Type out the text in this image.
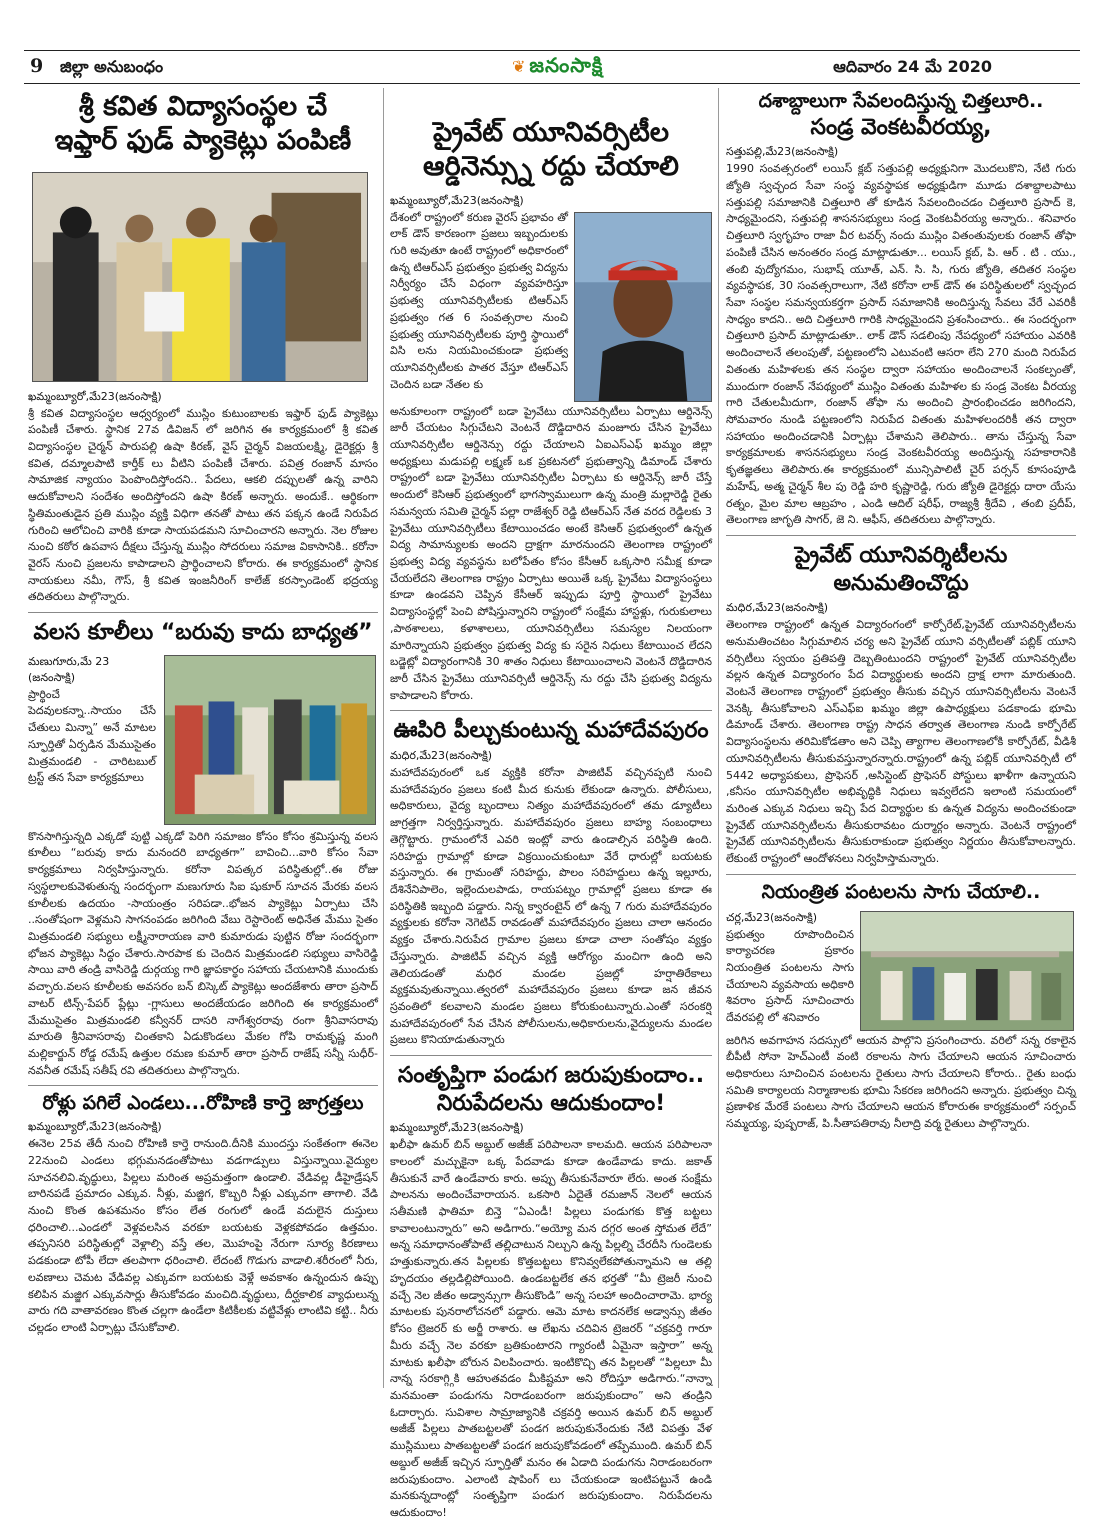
9 జిల్లా అనుబంధం	❦ జనంసాక్షి	ఆదివారం 24 మే 2020
శ్రీ కవిత విద్యాసంస్థల చే
ఇఫ్తార్ ఫుడ్ ప్యాకెట్లు పంపిణీ
ఖమ్మంబ్యూరో,మే23(జనంసాక్షి)

శ్రీ కవిత విద్యాసంస్థల ఆధ్వర్యంలో ముస్లిం కుటుంబాలకు ఇఫ్తార్ ఫుడ్ ప్యాకెట్లు పంపిణీ చేశారు. స్థానిక 27వ డివిజన్ లో జరిగిన ఈ కార్యక్రమంలో శ్రీ కవిత విద్యాసంస్థల చైర్మన్ పారుపల్లి ఉషా కిరణ్, వైస్ చైర్మన్ విజయలక్ష్మి, డైరెక్టర్లు శ్రీ కవిత, దమ్మాలపాటి కార్తీక్ లు వీటిని పంపిణీ చేశారు. పవిత్ర రంజాన్ మాసం సామాజిక న్యాయం పెంపొందిస్తోందని.. పేదలు, ఆకలి దప్పులతో ఉన్న వారిని ఆదుకోవాలని సందేశం అందిస్తోందని ఉషా కిరణ్ అన్నారు. అందుకే.. ఆర్థికంగా స్థితిమంతుడైన ప్రతి ముస్లిం వ్యక్తి విధిగా తనతో పాటు తన పక్కన ఉండే నిరుపేద గురించి ఆలోచించి వారికి కూడా సాయపడమని సూచించారని అన్నారు. నెల రోజుల నుంచి కఠోర ఉపవాస దీక్షలు చేస్తున్న ముస్లిం సోదరులు సమాజ వికాసానికి.. కరోనా వైరస్ నుంచి ప్రజలను కాపాడాలని ప్రార్థించాలని కోరారు. ఈ కార్యక్రమంలో స్థానిక నాయకులు నమీ, గౌస్, శ్రీ కవిత ఇంజనీరింగ్ కాలేజ్ కరస్పాండెంట్ భద్రయ్య తదితరులు పాల్గొన్నారు.

వలస కూలీలు “బరువు కాదు బాధ్యత”
మణుగూరు,మే 23 (జనంసాక్షి)

ప్రార్థించే పెదవులకన్నా..సాయం చేసే చేతులు మిన్నా” అనే మాటల స్ఫూర్తితో ఏర్పడిన మేముసైతం మిత్రమండలి - చారిటబుల్ ట్రస్ట్ తన సేవా కార్యక్రమాలు

కొనసాగిస్తున్నది ఎక్కడో పుట్టి ఎక్కడో పెరిగి సమాజం కోసం కోసం శ్రమిస్తున్న వలస కూలీలు “బరువు కాదు మనందరి బాధ్యతగా” బావించి...వారి కోసం సేవా కార్యక్రమాలు నిర్వహిస్తున్నారు. కరోనా విపత్కర పరిస్థితుల్లో..ఈ రోజు స్వస్థలాలకువెళుతున్న సందర్భంగా మణుగూరు సిఐ షుకూర్ సూచన మేరకు వలస కూలీలకు ఉదయం -సాయంత్రం సరిపడా..భోజన ప్యాకెట్లు ఏర్పాటు చేసి ..సంతోషంగా వెళ్లమని సాగనంపడం జరిగింది వేబు రెస్టారెంట్ అధినేత మేము సైతం మిత్రమండలి సభ్యులు లక్ష్మీనారాయణ వారి కుమారుడు పుట్టిన రోజు సందర్భంగా భోజన ప్యాకెట్లు సిద్ధం చేశారు.సారపాక కు చెందిన మిత్రమండలి సభ్యులు వాసిరెడ్డి సాయి వారి తండ్రి వాసిరెడ్డి దుర్గయ్య గారి జ్ఞాపకార్థం సహాయ చేయటానికి ముందుకు వచ్చారు.వలస కూలీలకు అవసరం బన్ బిస్కెట్ ప్యాకెట్లు అందజేశారు తారా ప్రసాద్ వాటర్ టిన్స్-పేపర్ ప్లేట్లు -గ్లాసులు అందజేయడం జరిగింది ఈ కార్యక్రమంలో మేముసైతం మిత్రమండలి కన్వీనర్ దాసరి నాగేశ్వరరావు రంగా శ్రీనివాసరావు మారుతి శ్రీనివాసరావు చింతకాని ఏడుకొండలు మేకల గోపి రామకృష్ణ మంగి మల్లికార్జున్ రోడ్డ రమేష్ ఉత్తుల రమణ కుమార్ తారా ప్రసాద్ రాజేష్ సన్నీ సుధీర్-నవనీత రమేష్ సతీష్ రవి తదితరులు పాల్గొన్నారు.

రోళ్లు పగిలే ఎండలు...రోహిణి కార్తె జాగ్రత్తలు
ఖమ్మంబ్యూరో,మే23(జనంసాక్షి)

ఈనెల 25వ తేదీ నుంచి రోహిణి కార్తె రానుంది.దీనికి ముందస్తు సంకేతంగా ఈనెల 22నుంచి ఎండలు భగ్గుమనడంతోపాటు వడగాడ్పులు విస్తున్నాయి.వైద్యుల సూచనలివి.వృద్ధులు, పిల్లలు మరింత అప్రమత్తంగా ఉండాలి. వేడివల్ల డీహైడ్రేషన్ బారినపడే ప్రమాదం ఎక్కువ. నీళ్లు, మజ్జిగ, కొబ్బరి నీళ్లు ఎక్కువగా తాగాలి. వేడి నుంచి కొంత ఉపశమనం కోసం లేత రంగులో ఉండే వదులైన దుస్తులు ధరించాలి...ఎండలో వెళ్లవలసిన వరకూ బయటకు వెళ్లకపోవడం ఉత్తమం. తప్పనిసరి పరిస్థితుల్లో వెళ్లాల్సి వస్తే తల, మొహంపై నేరుగా సూర్య కిరణాలు పడకుండా టోపీ లేదా తలపాగా ధరించాలి. లేదంటే గొడుగు వాడాలి.శరీరంలో నీరు, లవణాలు చెమట వేడివల్ల ఎక్కువగా బయటకు వెళ్లే అవకాశం ఉన్నందున ఉప్పు కలిపిన మజ్జిగ ఎక్కువసార్లు తీసుకోవడం మంచిది.వృద్ధులు, దీర్ఘకాలిక వ్యాధులున్న వారు గది వాతావరణం కొంత చల్లగా ఉండేలా కిటికీలకు వట్టివేళ్లు లాంటివి కట్టి.. నీరు చల్లడం లాంటి ఏర్పాట్లు చేసుకోవాలి.

ప్రైవేట్ యూనివర్సిటీల
ఆర్డినెన్స్ను రద్దు చేయాలి
ఖమ్మంబ్యూరో,మే23(జనంసాక్షి)

దేశంలో రాష్ట్రంలో కరుణ వైరస్ ప్రభావం తో లాక్ డౌన్ కారణంగా ప్రజలు ఇబ్బందులకు గురి అవుతూ ఉంటే రాష్ట్రంలో అధికారంలో ఉన్న టిఆర్ఎస్ ప్రభుత్వం ప్రభుత్వ విద్యను నిర్వీర్యం చేసే విధంగా వ్యవహరిస్తూ ప్రభుత్వ యూనివర్సిటీలకు టిఆర్ఎస్ ప్రభుత్వం గత 6 సంవత్సరాల నుంచి ప్రభుత్వ యూనివర్సిటీలకు పూర్తి స్థాయిలో విసి లను నియమించకుండా ప్రభుత్వ యూనివర్సిటీలకు పాతర వేస్తూ టిఆర్ఎస్ చెందిన బడా నేతల కు

అనుకూలంగా రాష్ట్రంలో బడా ప్రైవేటు యూనివర్సిటీలు ఏర్పాటు ఆర్డినెన్స్ జారీ చేయటం సిగ్గుచేటని వెంటనే దొడ్డిదారిన మంజూరు చేసిన ప్రైవేటు యూనివర్సిటీల ఆర్డినెన్సు రద్దు చేయాలని ఏఐఎస్ఎఫ్ ఖమ్మం జిల్లా అధ్యక్షులు మడుపల్లి లక్ష్మణ్ ఒక ప్రకటనలో ప్రభుత్వాన్ని డిమాండ్ చేశారు రాష్ట్రంలో బడా ప్రైవేటు యూనివర్సిటీల ఏర్పాటు కు ఆర్డినెన్స్ జారీ చేస్తే అందులో కెసిఆర్ ప్రభుత్వంలో భాగస్వాములుగా ఉన్న మంత్రి మల్లారెడ్డి రైతు సమన్వయ సమితి చైర్మన్ పల్లా రాజేశ్వర్ రెడ్డి టిఆర్ఎస్ నేత వరద రెడ్డిలకు 3 ప్రైవేటు యూనివర్సిటీలు కేటాయించడం అంటే కెసిఆర్ ప్రభుత్వంలో ఉన్నత విద్య సామాన్యులకు అందని ద్రాక్షగా మారనుందని తెలంగాణ రాష్ట్రంలో ప్రభుత్వ విద్య వ్యవస్థను బలోపేతం కోసం కేసీఆర్ ఒక్కసారి సమీక్ష కూడా చేయలేదని తెలంగాణ రాష్ట్రం ఏర్పాటు అయితే ఒక్క ప్రైవేటు విద్యాసంస్థలు కూడా ఉండవని చెప్పిన కేసీఆర్ ఇప్పుడు పూర్తి స్థాయిలో ప్రైవేటు విద్యాసంస్థల్లో పెంచి పోషిస్తున్నారని రాష్ట్రంలో సంక్షేమ హాస్టళ్లు, గురుకులాలు ,పాఠశాలలు, కళాశాలలు, యూనివర్సిటీలు సమస్యల నిలయంగా మారిన్నాయని ప్రభుత్వం ప్రభుత్వ విద్య కు సరైన నిధులు కేటాయించ లేదని బడ్జెట్లో విద్యారంగానికి 30 శాతం నిధులు కేటాయించాలని వెంటనే దొడ్డిదారిన జారీ చేసిన ప్రైవేటు యూనివర్సిటీ ఆర్డినెన్స్ ను రద్దు చేసి ప్రభుత్వ విద్యను కాపాడాలని కోరారు.

ఊపిరి పీల్చుకుంటున్న మహాదేవపురం
మధిర,మే23(జనంసాక్షి)

మహాదేవపురంలో ఒక వ్యక్తికి కరోనా పాజిటివ్ వచ్చినప్పటి నుంచి మహాదేవపురం ప్రజలు కంటి మీద కునుకు లేకుండా ఉన్నారు. పోలీసులు, అధికారులు, వైద్య బృందాలు నిత్యం మహాదేవపురంలో తమ డ్యూటీలు జాగ్రత్తగా నిర్వర్తిస్తున్నారు. మహాదేవపురం ప్రజలు బాహ్య సంబంధాలు తెగ్గొట్టారు. గ్రామంలోనే ఎవరి ఇంట్లో వారు ఉండాల్సిన పరిస్థితి ఉంది. సరిహద్దు గ్రామాల్లో కూడా విక్రయించుకుంటూ వేరే ధారుల్లో బయటకు వస్తున్నారు. ఈ గ్రామంతో సరిహద్దు, పొలం సరిహద్దులు ఉన్న ఇల్లూరు, దేశినేనిపాలెం, ఇల్లెందులపాడు, రాయపట్నం గ్రామాల్లో ప్రజలు కూడా ఈ పరిస్థితికి ఇబ్బంది పడ్డారు. నిన్న క్వారంటైన్ లో ఉన్న 7 గురు మహాదేవపురం వ్యక్తులకు కరోనా నెగెటివ్ రావడంతో మహాదేవపురం ప్రజలు చాలా ఆనందం వ్యక్తం చేశారు.నిరుపేద గ్రామాల ప్రజలు కూడా చాలా సంతోషం వ్యక్తం చేస్తున్నారు. పాజిటివ్ వచ్చిన వ్యక్తి ఆరోగ్యం మంచిగా ఉంది అని తెలియడంతో మధిర మండల ప్రజల్లో హర్షాతిరేకాలు వ్యక్తమవుతున్నాయి.త్వరలో మహాదేవపురం ప్రజలు కూడా జన జీవన స్రవంతిలో కలవాలని మండల ప్రజలు కోరుకుంటున్నారు.ఎంతో సరంకర్షి మహాదేవపురంలో సేవ చేసిన పోలీసులను,అధికారులను,వైద్యులను మండల ప్రజలు కొనియాడుతున్నారు

సంతృప్తిగా పండుగ జరుపుకుందాం..
నిరుపేదలను ఆదుకుందాం!
ఖమ్మంబ్యూరో,మే23(జనంసాక్షి)

ఖలీఫా ఉమర్ బిన్ అబ్దుల్ అజీజ్ పరిపాలనా కాలమది. ఆయన పరిపాలనా కాలంలో మచ్చుకైనా ఒక్క పేదవాడు కూడా ఉండేవాడు కాదు. జకాత్ తీసుకునే వారే ఉండేవారు కారు. అప్పు తీసుకునేవారూ లేరు. అంత సంక్షేమ పాలనను అందించేవారాయన. ఒకసారి ఏదైతే రమజాన్ నెలలో ఆయన సతీమణి ఫాతిమా బిన్తె “ఏఎండీ! పిల్లలు పండుగకు కొత్త బట్టలు కావాలంటున్నారు” అని అడిగారు.“అయ్యో మన దగ్గర అంత స్తోమత లేదే” అన్న సమాధానంతోపాటే తల్లిచాటున నిల్చుని ఉన్న పిల్లల్ని చేరదీసి గుండెలకు హత్తుకున్నారు.తన పిల్లలకు కొత్తబట్టలు కొనివ్వలేకపోతున్నామని ఆ తల్లి హృదయం తల్లడిల్లిపోయింది. ఉండబట్టలేక తన భర్తతో “మీ ట్రెజరీ నుంచి వచ్చే నెల జీతం అడ్వాన్సుగా తీసుకొండి” అన్న సలహా అందించారామె. భార్య మాటలకు పునరాలోచనలో పడ్డారు. ఆమె మాట కాదనలేక అడ్వాన్సు జీతం కోసం ట్రెజరర్ కు అర్జీ రాశారు. ఆ లేఖను చదివిన ట్రెజరర్ “చక్రవర్తి గారూ మీరు వచ్చే నెల వరకూ బ్రతికుంటారని గ్యారంటీ ఏమైనా ఇస్తారా” అన్న మాటకు ఖలీఫా బోరున విలపించారు. ఇంటికొచ్చి తన పిల్లలతో “పిల్లలూ మీ నాన్న సరకాగ్గ్గికి ఆహుతవడం మీకిష్టమా అని రోదిస్తూ అడిగారు.“నాన్నా మనమంతా పండుగను నిరాడంబరంగా జరుపుకుందాం” అని తండ్రిని ఓదార్చారు. సువిశాల సామ్రాజ్యానికి చక్రవర్తి అయిన ఉమర్ బిన్ అబ్దుల్ అజీజ్ పిల్లలు పాతబట్టలతో పండగ జరుపుకునేందుకు నేటి విపత్తు వేళ ముస్లిములు పాతబట్టలతో పండగ జరుపుకోవడంలో తప్పేముంది. ఉమర్ బిన్ అబ్దుల్ అజీజ్ ఇచ్చిన స్ఫూర్తితో మనం ఈ ఏడాది పండుగను నిరాడంబరంగా జరుపుకుందాం. ఎలాంటి షాపింగ్ లు చేయకుండా ఇంటిపట్టునే ఉండి మనకున్నదాంట్లో సంతృప్తిగా పండుగ జరుపుకుందాం. నిరుపేదలను ఆదుకుందాం!

దశాబ్దాలుగా సేవలందిస్తున్న చిత్తలూరి..
సండ్ర వెంకటవీరయ్య,
సత్తుపల్లి,మే23(జనంసాక్షి)

1990 సంవత్సరంలో లయిస్ క్లబ్ సత్తుపల్లి అధ్యక్షునిగా మొదలుకొని, నేటి గురు జ్యోతి స్వచ్ఛంద సేవా సంస్థ వ్యవస్థాపక అధ్యక్షుడిగా మూడు దశాబ్దాలపాటు సత్తుపల్లి సమాజానికి చిత్తలూరి తో కూడిన సేవలందించడం చిత్తలూరి ప్రసాద్ కె, సాధ్యమైందని, సత్తుపల్లి శాసనసభ్యులు సండ్ర వెంకటవీరయ్య అన్నారు.. శనివారం చిత్తలూరి స్వగృహం రాజా వీర టవర్స్ నందు ముస్లిం వితంతువులకు రంజాన్ తోఫా పంపిణీ చేసిన అనంతరం సండ్ర మాట్లాడుతూ... లయిస్ క్లబ్, పి. ఆర్ . టి . యు., తంబి వుద్యోగమం, సుభాష్ యూత్, ఎన్. సి. సి, గురు జ్యోతి, తదితర సంస్థల వ్యవస్థాపక, 30 సంవత్సరాలుగా, నేటి కరోనా లాక్ డౌన్ ఈ పరిస్థితులలో స్వచ్ఛంద సేవా సంస్థల సమన్వయకర్తగా ప్రసాద్ సమాజానికి అందిస్తున్న సేవలు వేరే ఎవరికీ సాధ్యం కాదని.. అది చిత్తలూరి గారికి సాధ్యమైందని ప్రశంసించారు.. ఈ సందర్భంగా చిత్తలూరి ప్రసాద్ మాట్లాడుతూ.. లాక్ డౌన్ సడలింపు నేపధ్యంలో సహాయం ఎవరికి అందించాలనే తలంపుతో, పట్టణంలోని ఎటువంటి ఆసరా లేని 270 మంది నిరుపేద వితంతు మహిళలకు తన సంస్థల ద్వారా సహాయం అందించాలనే సంకల్పంతో, ముందుగా రంజాన్ నేపథ్యంలో ముస్లిం వితంతు మహిళల కు సండ్ర వెంకట వీరయ్య గారి చేతులమీదుగా, రంజాన్ తోఫా ను అందించి ప్రారంభించడం జరిగిందని, సోమవారం నుండి పట్టణంలోని నిరుపేద వితంతు మహిళలందరికీ తన ద్వారా సహాయం అందించడానికి ఏర్పాట్లు చేశామని తెలిపారు.. తాను చేస్తున్న సేవా కార్యక్రమాలకు శాసనసభ్యులు సండ్ర వెంకటవీరయ్య అందిస్తున్న సహకారానికి కృతజ్ఞతలు తెలిపారు.ఈ కార్యక్రమంలో మున్సిపాలిటీ చైర్ పర్సన్ కూసంపూడి మహేష్, అత్మ చైర్మన్ శీల పు రెడ్డి హరి కృష్ణారెడ్డి, గురు జ్యోతి డైరెక్టర్లు దారా యేసు రత్నం, మైల మాల ఆబ్రహం , ఎండి ఆదిల్ షరీఫ్, రాజ్యశ్రీ శ్రీదేవి , తంబి ప్రదీప్, తెలంగాణ జాగృతి సాగర్, జె ని. ఆఫీస్, తదితరులు పాల్గొన్నారు.

ప్రైవేట్ యూనివర్శిటీలను అనుమతించొద్దు
మధిర,మే23(జనంసాక్షి)

తెలంగాణ రాష్ట్రంలో ఉన్నత విద్యారంగంలో కార్పోరేట్,ప్రైవేట్ యూనివర్సిటీలను అనుమతించటం సిగ్గుమాలిన చర్య అని ప్రైవేట్ యూని వర్సిటీలతో పబ్లిక్ యూని వర్సిటీలు స్వయం ప్రతిపత్తి దెబ్బతింటుందని రాష్ట్రంలో ప్రైవేట్ యూనివర్సిటీల వల్లన ఉన్నత విద్యారంగం పేద విద్యార్థులకు అందని ద్రాక్ష లాగా మారుతుంది. వెంటనే తెలంగాణ రాష్ట్రంలో ప్రభుత్వం తీసుకు వచ్చిన యూనివర్సిటీలను వెంటనే వెనక్కి తీసుకోవాలని ఎస్ఎఫ్ఐ ఖమ్మం జిల్లా ఉపాధ్యక్షులు పడకాండు భూమి డిమాండ్ చేశారు. తెలంగాణ రాష్ట్ర సాధన తర్వాత తెలంగాణ నుండి కార్పోరేట్ విద్యాసంస్థలను తరిమికోడతాం అని చెప్పి త్యాగాల తెలంగాణలోకి కార్పోరేట్, వీడిశీ యూనివర్సిటీలను తీసుకువస్తున్నారన్నారు.రాష్ట్రంలో ఉన్న పబ్లిక్ యూనివర్సిటీ లో 5442 అధ్యాపకులు, ప్రొఫెసర్ ,అసిస్టెంట్ ప్రొఫెసర్ పోస్టులు ఖాళీగా ఉన్నాయని ,కనీసం యూనివర్సిటీల అభివృద్ధికి నిధులు ఇవ్వలేదని ఇలాంటి సమయంలో మరింత ఎక్కువ నిధులు ఇచ్చి పేద విద్యార్థుల కు ఉన్నత విద్యను అందించకుండా ప్రైవేట్ యూనివర్సిటీలను తీసుకురావటం దుర్మార్గం అన్నారు. వెంటనే రాష్ట్రంలో ప్రైవేట్ యూనివర్సిటీలను తీసుకురాకుండా ప్రభుత్వం నిర్ణయం తీసుకోవాలన్నారు. లేకుంటే రాష్ట్రంలో ఆందోళనలు నిర్వహిస్తామన్నారు.

నియంత్రిత పంటలను సాగు చేయాలి..
చర్ల,మే23(జనంసాక్షి)

ప్రభుత్వం రూపొందించిన కార్యాచరణ ప్రకారం నియంత్రిత పంటలను సాగు చేయాలని వ్యవసాయ అధికారి శివరాం ప్రసాద్ సూచించారు దేవరపల్లి లో శనివారం

జరిగిన అవగాహన సదస్సులో ఆయన పాల్గొని ప్రసంగించారు. వరిలో సన్న రకాలైన బీపీటీ సోనా హెచ్ఎంటీ వంటి రకాలను సాగు చేయాలని ఆయన సూచించారు అధికారులు సూచించిన పంటలను రైతులు సాగు చేయాలని కోరారు.. రైతు బంధు సమితి కార్యాలయ నిర్మాణాలకు భూమి సేకరణ జరిగిందని అన్నారు. ప్రభుత్వం చిన్న ప్రణాళిక మేరకే పంటలు సాగు చేయాలని ఆయన కోరారుఈ కార్యక్రమంలో సర్పంచ్ సమ్మయ్య, పుష్పరాజ్, పి.సీతాపతిరావు నీలాద్రి వర్మ రైతులు పాల్గొన్నారు.
